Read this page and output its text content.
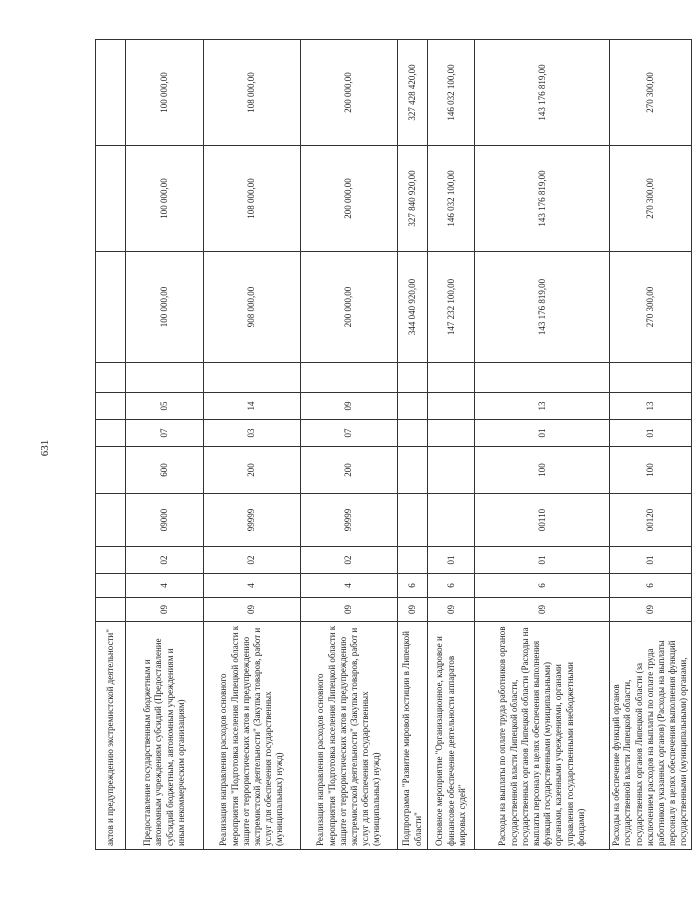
631
актов и предупреждению экстремистской деятельности"											
Предоставление государственным бюджетным и автономным учреждениям субсидий (Предоставление субсидий бюджетным, автономным учреждениям и иным некоммерческим организациям)	09	4	02	09000	600	07	05		100 000,00	100 000,00	100 000,00
Реализация направления расходов основного мероприятия "Подготовка населения Липецкой области к защите от террористических актов и предупреждению экстремистской деятельности" (Закупка товаров, работ и услуг для обеспечения государственных (муниципальных) нужд)	09	4	02	99999	200	03	14		908 000,00	108 000,00	108 000,00
Реализация направления расходов основного мероприятия "Подготовка населения Липецкой области к защите от террористических актов и предупреждению экстремистской деятельности" (Закупка товаров, работ и услуг для обеспечения государственных (муниципальных) нужд)	09	4	02	99999	200	07	09		200 000,00	200 000,00	200 000,00
Подпрограмма "Развитие мировой юстиции в Липецкой области"	09	6							344 040 920,00	327 840 920,00	327 428 420,00
Основное мероприятие "Организационное, кадровое и финансовое обеспечение деятельности аппаратов мировых судей"	09	6	01						147 232 100,00	146 032 100,00	146 032 100,00
Расходы на выплаты по оплате труда работников органов государственной власти Липецкой области, государственных органов Липецкой области (Расходы на выплаты персоналу в целях обеспечения выполнения функций государственными (муниципальными) органами, казенными учреждениями, органами управления государственными внебюджетными фондами)	09	6	01	00110	100	01	13		143 176 819,00	143 176 819,00	143 176 819,00
Расходы на обеспечение функций органов государственной власти Липецкой области, государственных органов Липецкой области (за исключением расходов на выплаты по оплате труда работников указанных органов) (Расходы на выплаты персоналу в целях обеспечения выполнения функций государственными (муниципальными) органами,	09	6	01	00120	100	01	13		270 300,00	270 300,00	270 300,00
